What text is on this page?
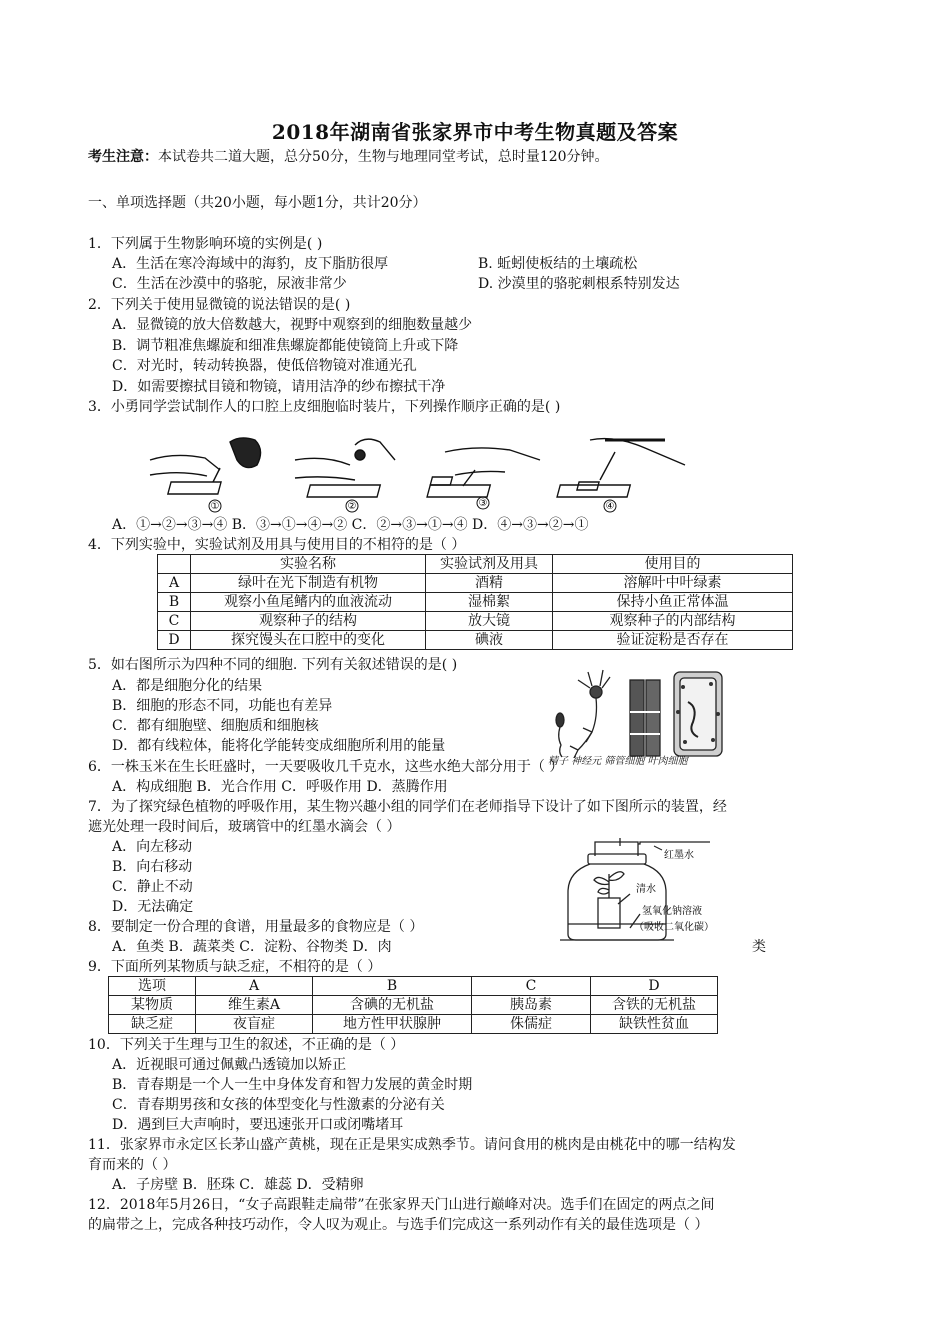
2018年湖南省张家界市中考生物真题及答案
考生注意：本试卷共二道大题，总分50分，生物与地理同堂考试，总时量120分钟。
一、单项选择题（共20小题，每小题1分，共计20分）
1．下列属于生物影响环境的实例是( )
A．生活在寒冷海域中的海豹，皮下脂肪很厚	B. 蚯蚓使板结的土壤疏松
C．生活在沙漠中的骆驼，尿液非常少	D. 沙漠里的骆驼刺根系特别发达
2．下列关于使用显微镜的说法错误的是( )
A．显微镜的放大倍数越大，视野中观察到的细胞数量越少
B．调节粗准焦螺旋和细准焦螺旋都能使镜筒上升或下降
C．对光时，转动转换器，使低倍物镜对准通光孔
D．如需要擦拭目镜和物镜，请用洁净的纱布擦拭干净
3．小勇同学尝试制作人的口腔上皮细胞临时装片，下列操作顺序正确的是( )
①	②	③	④
A．①→②→③→④ B．③→①→④→② C．②→③→①→④ D．④→③→②→①
4．下列实验中，实验试剂及用具与使用目的不相符的是（ ）
	实验名称	实验试剂及用具	使用目的
A	绿叶在光下制造有机物	酒精	溶解叶中叶绿素
B	观察小鱼尾鳍内的血液流动	湿棉絮	保持小鱼正常体温
C	观察种子的结构	放大镜	观察种子的内部结构
D	探究馒头在口腔中的变化	碘液	验证淀粉是否存在
5．如右图所示为四种不同的细胞. 下列有关叙述错误的是( )
A．都是细胞分化的结果
B．细胞的形态不同，功能也有差异
C．都有细胞壁、细胞质和细胞核
D．都有线粒体，能将化学能转变成细胞所利用的能量
精子 神经元 筛管细胞 叶肉细胞
6．一株玉米在生长旺盛时，一天要吸收几千克水，这些水绝大部分用于（ ）
A．构成细胞 B．光合作用 C．呼吸作用 D．蒸腾作用
7．为了探究绿色植物的呼吸作用，某生物兴趣小组的同学们在老师指导下设计了如下图所示的装置，经
遮光处理一段时间后，玻璃管中的红墨水滴会（ ）
A．向左移动
B．向右移动
C．静止不动
D．无法确定
红墨水
清水
氢氧化钠溶液
（吸收二氧化碳）
8．要制定一份合理的食谱，用量最多的食物应是（ ）
A．鱼类 B．蔬菜类 C．淀粉、谷物类 D．肉	类
9．下面所列某物质与缺乏症，不相符的是（ ）
选项	A	B	C	D
某物质	维生素A	含碘的无机盐	胰岛素	含铁的无机盐
缺乏症	夜盲症	地方性甲状腺肿	侏儒症	缺铁性贫血
10．下列关于生理与卫生的叙述，不正确的是（ ）
A．近视眼可通过佩戴凸透镜加以矫正
B．青春期是一个人一生中身体发育和智力发展的黄金时期
C．青春期男孩和女孩的体型变化与性激素的分泌有关
D．遇到巨大声响时，要迅速张开口或闭嘴堵耳
11．张家界市永定区长茅山盛产黄桃，现在正是果实成熟季节。请问食用的桃肉是由桃花中的哪一结构发
育而来的（ ）
A．子房壁 B．胚珠 C．雄蕊 D．受精卵
12．2018年5月26日，“女子高跟鞋走扁带”在张家界天门山进行巅峰对决。选手们在固定的两点之间
的扁带之上，完成各种技巧动作，令人叹为观止。与选手们完成这一系列动作有关的最佳选项是（ ）
